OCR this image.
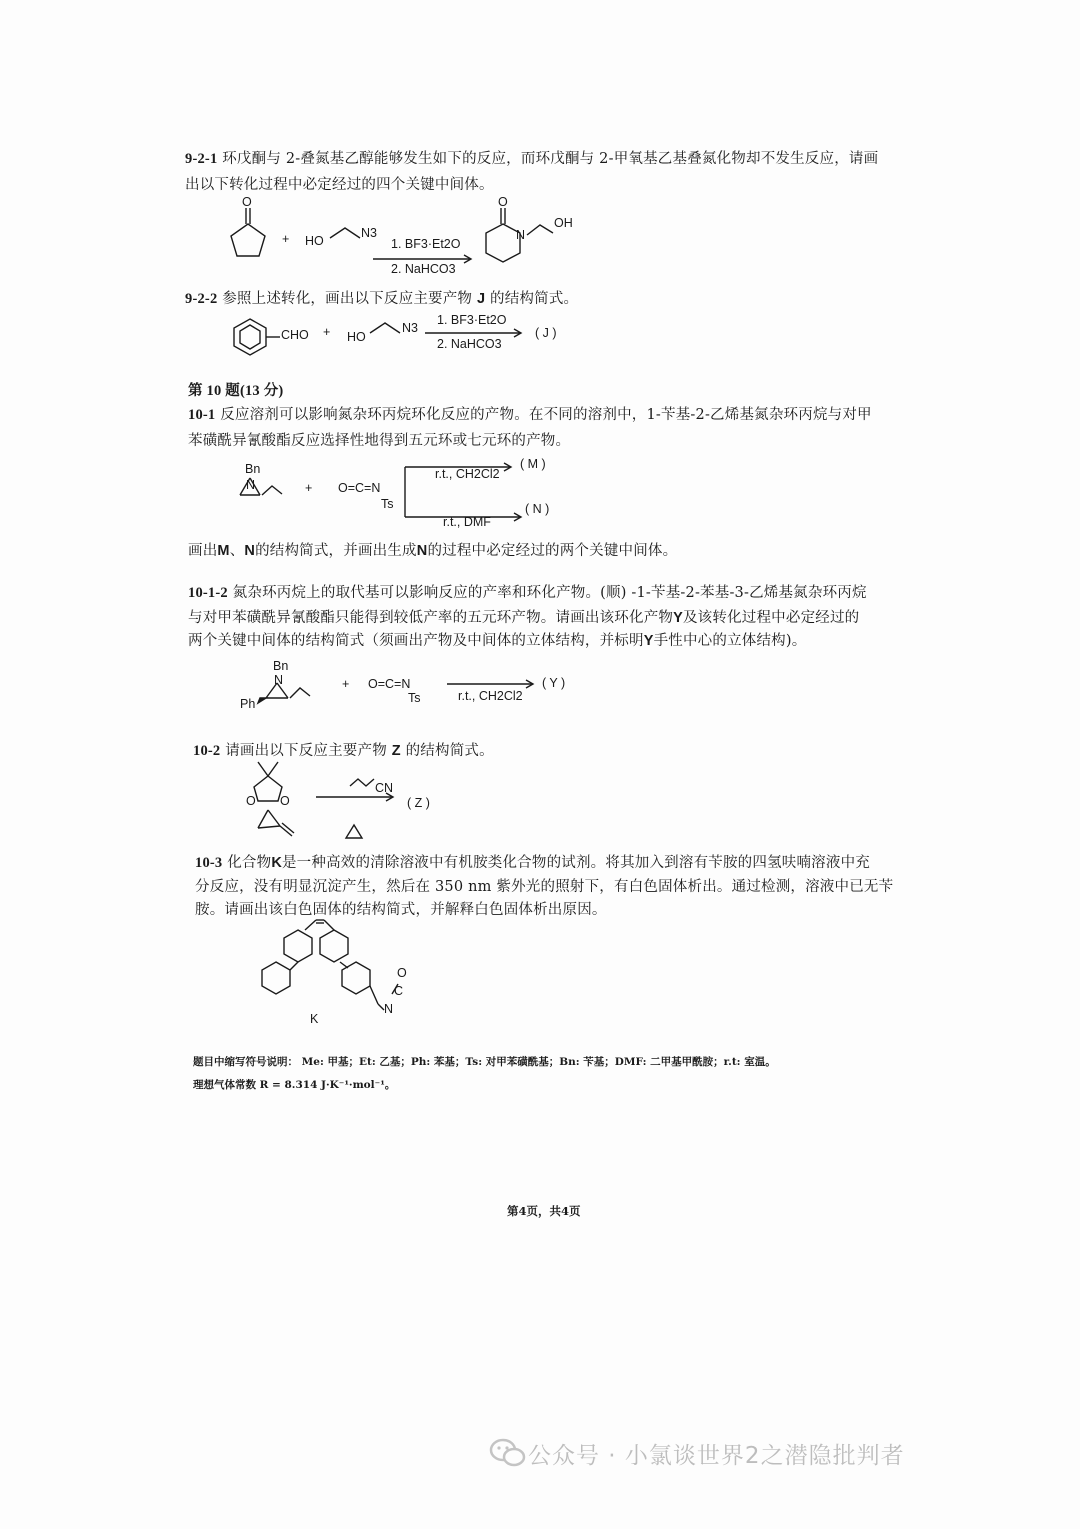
9-2-1 环戊酮与 2-叠氮基乙醇能够发生如下的反应，而环戊酮与 2-甲氧基乙基叠氮化物却不发生反应，请画
出以下转化过程中必定经过的四个关键中间体。
9-2-2 参照上述转化，画出以下反应主要产物 J 的结构简式。
第 10 题(13 分)
10-1 反应溶剂可以影响氮杂环丙烷环化反应的产物。在不同的溶剂中，1-苄基-2-乙烯基氮杂环丙烷与对甲
苯磺酰异氰酸酯反应选择性地得到五元环或七元环的产物。
画出M、N的结构简式，并画出生成N的过程中必定经过的两个关键中间体。
10-1-2 氮杂环丙烷上的取代基可以影响反应的产率和环化产物。(顺) -1-苄基-2-苯基-3-乙烯基氮杂环丙烷
与对甲苯磺酰异氰酸酯只能得到较低产率的五元环产物。请画出该环化产物Y及该转化过程中必定经过的
两个关键中间体的结构简式（须画出产物及中间体的立体结构，并标明Y手性中心的立体结构)。
10-2 请画出以下反应主要产物 Z 的结构简式。
10-3 化合物K是一种高效的清除溶液中有机胺类化合物的试剂。将其加入到溶有苄胺的四氢呋喃溶液中充
分反应，没有明显沉淀产生，然后在 350 nm 紫外光的照射下，有白色固体析出。通过检测，溶液中已无苄
胺。请画出该白色固体的结构简式，并解释白色固体析出原因。
题目中缩写符号说明： Me: 甲基；Et: 乙基；Ph: 苯基；Ts: 对甲苯磺酰基；Bn: 苄基；DMF: 二甲基甲酰胺；r.t: 室温。
理想气体常数 R = 8.314 J·K⁻¹·mol⁻¹。
第4页，共4页
公众号 · 小氯谈世界2之潜隐批判者
O
+ HO
N3
1. BF3·Et2O
2. NaHCO3
O
N
OH
CHO + HO
N3
1. BF3·Et2O
2. NaHCO3
( J )
Bn
N	+ O=C=N
Ts
r.t., CH2Cl2
r.t., DMF
( M )
( N )
Bn
N
Ph
+ O=C=N
Ts	r.t., CH2Cl2
( Y )
O O
CN
( Z )
N
C
O
K
